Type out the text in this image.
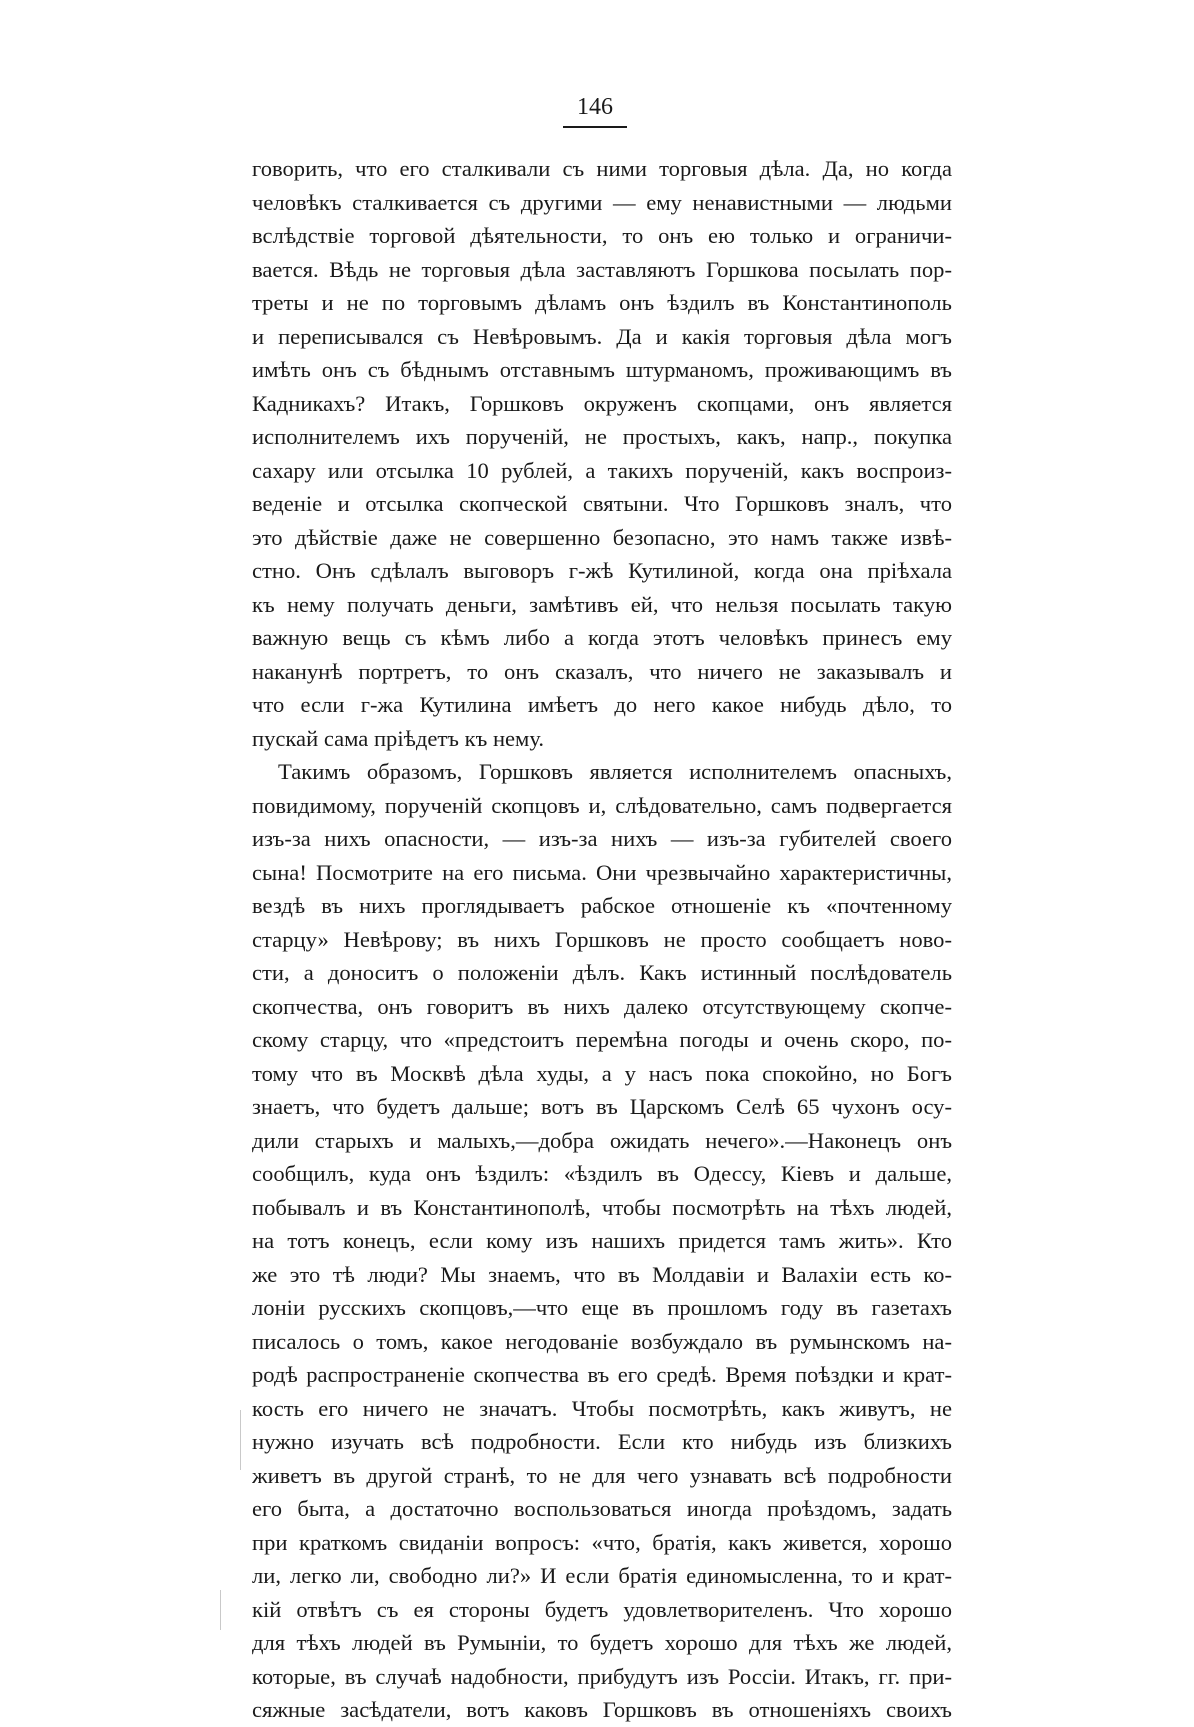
146
говорить, что его сталкивали съ ними торговыя дѣла. Да, но когда
человѣкъ сталкивается съ другими — ему ненавистными — людьми
вслѣдствіе торговой дѣятельности, то онъ ею только и ограничи-
вается. Вѣдь не торговыя дѣла заставляютъ Горшкова посылать пор-
треты и не по торговымъ дѣламъ онъ ѣздилъ въ Константинополь
и переписывался съ Невѣровымъ. Да и какія торговыя дѣла могъ
имѣть онъ съ бѣднымъ отставнымъ штурманомъ, проживающимъ въ
Кадникахъ? Итакъ, Горшковъ окруженъ скопцами, онъ является
исполнителемъ ихъ порученій, не простыхъ, какъ, напр., покупка
сахару или отсылка 10 рублей, а такихъ порученій, какъ воспроиз-
веденіе и отсылка скопческой святыни. Что Горшковъ зналъ, что
это дѣйствіе даже не совершенно безопасно, это намъ также извѣ-
стно. Онъ сдѣлалъ выговоръ г-жѣ Кутилиной, когда она пріѣхала
къ нему получать деньги, замѣтивъ ей, что нельзя посылать такую
важную вещь съ кѣмъ либо а когда этотъ человѣкъ принесъ ему
наканунѣ портретъ, то онъ сказалъ, что ничего не заказывалъ и
что если г-жа Кутилина имѣетъ до него какое нибудь дѣло, то
пускай сама пріѣдетъ къ нему.
Такимъ образомъ, Горшковъ является исполнителемъ опасныхъ,
повидимому, порученій скопцовъ и, слѣдовательно, самъ подвергается
изъ-за нихъ опасности, — изъ-за нихъ — изъ-за губителей своего
сына! Посмотрите на его письма. Они чрезвычайно характеристичны,
вездѣ въ нихъ проглядываетъ рабское отношеніе къ «почтенному
старцу» Невѣрову; въ нихъ Горшковъ не просто сообщаетъ ново-
сти, а доноситъ о положеніи дѣлъ. Какъ истинный послѣдователь
скопчества, онъ говоритъ въ нихъ далеко отсутствующему скопче-
скому старцу, что «предстоитъ перемѣна погоды и очень скоро, по-
тому что въ Москвѣ дѣла худы, а у насъ пока спокойно, но Богъ
знаетъ, что будетъ дальше; вотъ въ Царскомъ Селѣ 65 чухонъ осу-
дили старыхъ и малыхъ,—добра ожидать нечего».—Наконецъ онъ
сообщилъ, куда онъ ѣздилъ: «ѣздилъ въ Одессу, Кіевъ и дальше,
побывалъ и въ Константинополѣ, чтобы посмотрѣть на тѣхъ людей,
на тотъ конецъ, если кому изъ нашихъ придется тамъ жить». Кто
же это тѣ люди? Мы знаемъ, что въ Молдавіи и Валахіи есть ко-
лоніи русскихъ скопцовъ,—что еще въ прошломъ году въ газетахъ
писалось о томъ, какое негодованіе возбуждало въ румынскомъ на-
родѣ распространеніе скопчества въ его средѣ. Время поѣздки и крат-
кость его ничего не значатъ. Чтобы посмотрѣть, какъ живутъ, не
нужно изучать всѣ подробности. Если кто нибудь изъ близкихъ
живетъ въ другой странѣ, то не для чего узнавать всѣ подробности
его быта, а достаточно воспользоваться иногда проѣздомъ, задать
при краткомъ свиданіи вопросъ: «что, братія, какъ живется, хорошо
ли, легко ли, свободно ли?» И если братія единомысленна, то и крат-
кій отвѣтъ съ ея стороны будетъ удовлетворителенъ. Что хорошо
для тѣхъ людей въ Румыніи, то будетъ хорошо для тѣхъ же людей,
которые, въ случаѣ надобности, прибудутъ изъ Россіи. Итакъ, гг. при-
сяжные засѣдатели, вотъ каковъ Горшковъ въ отношеніяхъ своихъ
